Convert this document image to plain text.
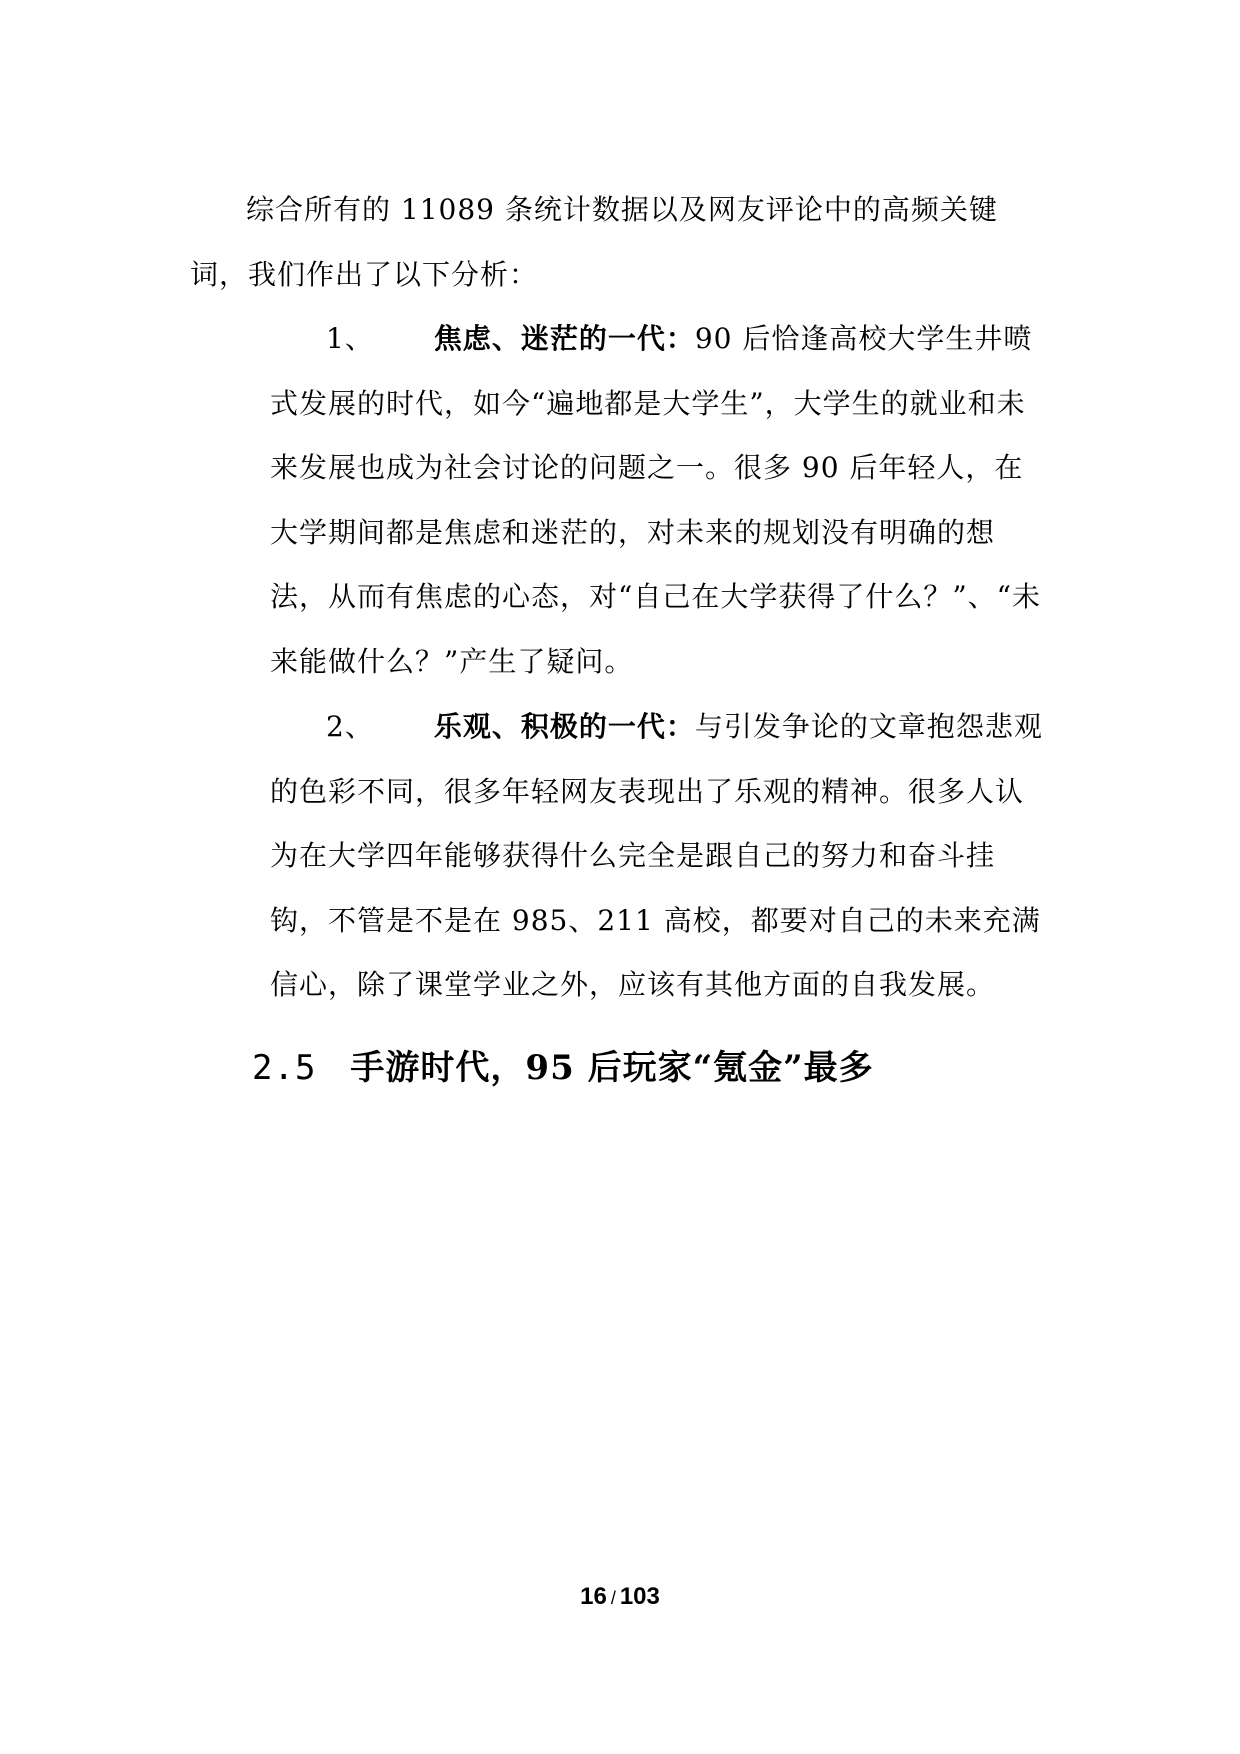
综合所有的 11089 条统计数据以及网友评论中的高频关键词，我们作出了以下分析：

1、 焦虑、迷茫的一代：90 后恰逢高校大学生井喷式发展的时代，如今“遍地都是大学生”，大学生的就业和未来发展也成为社会讨论的问题之一。很多 90 后年轻人，在大学期间都是焦虑和迷茫的，对未来的规划没有明确的想法，从而有焦虑的心态，对“自己在大学获得了什么？”、“未来能做什么？”产生了疑问。

2、 乐观、积极的一代：与引发争论的文章抱怨悲观的色彩不同，很多年轻网友表现出了乐观的精神。很多人认为在大学四年能够获得什么完全是跟自己的努力和奋斗挂钩，不管是不是在 985、211 高校，都要对自己的未来充满信心，除了课堂学业之外，应该有其他方面的自我发展。

2.5 手游时代，95 后玩家“氪金”最多
16 / 103
